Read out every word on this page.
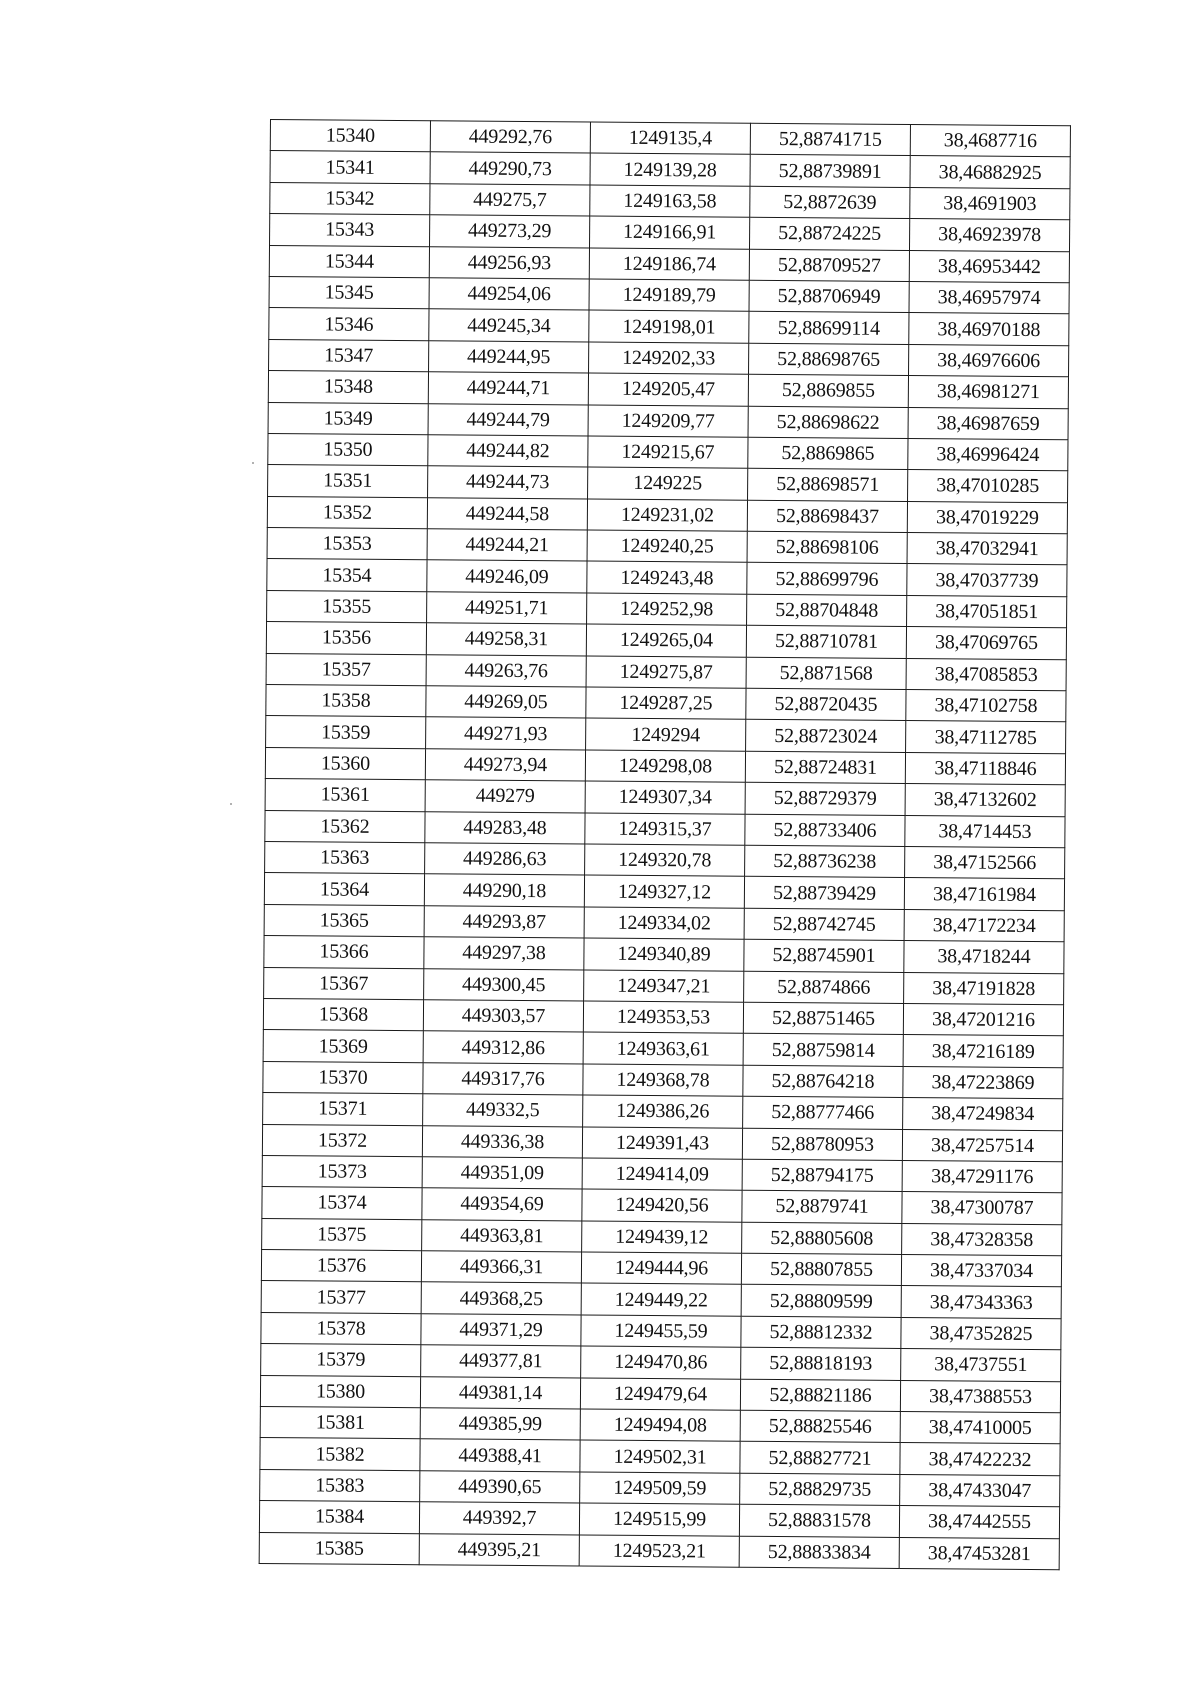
15340	449292,76	1249135,4	52,88741715	38,4687716
15341	449290,73	1249139,28	52,88739891	38,46882925
15342	449275,7	1249163,58	52,8872639	38,4691903
15343	449273,29	1249166,91	52,88724225	38,46923978
15344	449256,93	1249186,74	52,88709527	38,46953442
15345	449254,06	1249189,79	52,88706949	38,46957974
15346	449245,34	1249198,01	52,88699114	38,46970188
15347	449244,95	1249202,33	52,88698765	38,46976606
15348	449244,71	1249205,47	52,8869855	38,46981271
15349	449244,79	1249209,77	52,88698622	38,46987659
15350	449244,82	1249215,67	52,8869865	38,46996424
15351	449244,73	1249225	52,88698571	38,47010285
15352	449244,58	1249231,02	52,88698437	38,47019229
15353	449244,21	1249240,25	52,88698106	38,47032941
15354	449246,09	1249243,48	52,88699796	38,47037739
15355	449251,71	1249252,98	52,88704848	38,47051851
15356	449258,31	1249265,04	52,88710781	38,47069765
15357	449263,76	1249275,87	52,8871568	38,47085853
15358	449269,05	1249287,25	52,88720435	38,47102758
15359	449271,93	1249294	52,88723024	38,47112785
15360	449273,94	1249298,08	52,88724831	38,47118846
15361	449279	1249307,34	52,88729379	38,47132602
15362	449283,48	1249315,37	52,88733406	38,4714453
15363	449286,63	1249320,78	52,88736238	38,47152566
15364	449290,18	1249327,12	52,88739429	38,47161984
15365	449293,87	1249334,02	52,88742745	38,47172234
15366	449297,38	1249340,89	52,88745901	38,4718244
15367	449300,45	1249347,21	52,8874866	38,47191828
15368	449303,57	1249353,53	52,88751465	38,47201216
15369	449312,86	1249363,61	52,88759814	38,47216189
15370	449317,76	1249368,78	52,88764218	38,47223869
15371	449332,5	1249386,26	52,88777466	38,47249834
15372	449336,38	1249391,43	52,88780953	38,47257514
15373	449351,09	1249414,09	52,88794175	38,47291176
15374	449354,69	1249420,56	52,8879741	38,47300787
15375	449363,81	1249439,12	52,88805608	38,47328358
15376	449366,31	1249444,96	52,88807855	38,47337034
15377	449368,25	1249449,22	52,88809599	38,47343363
15378	449371,29	1249455,59	52,88812332	38,47352825
15379	449377,81	1249470,86	52,88818193	38,4737551
15380	449381,14	1249479,64	52,88821186	38,47388553
15381	449385,99	1249494,08	52,88825546	38,47410005
15382	449388,41	1249502,31	52,88827721	38,47422232
15383	449390,65	1249509,59	52,88829735	38,47433047
15384	449392,7	1249515,99	52,88831578	38,47442555
15385	449395,21	1249523,21	52,88833834	38,47453281
